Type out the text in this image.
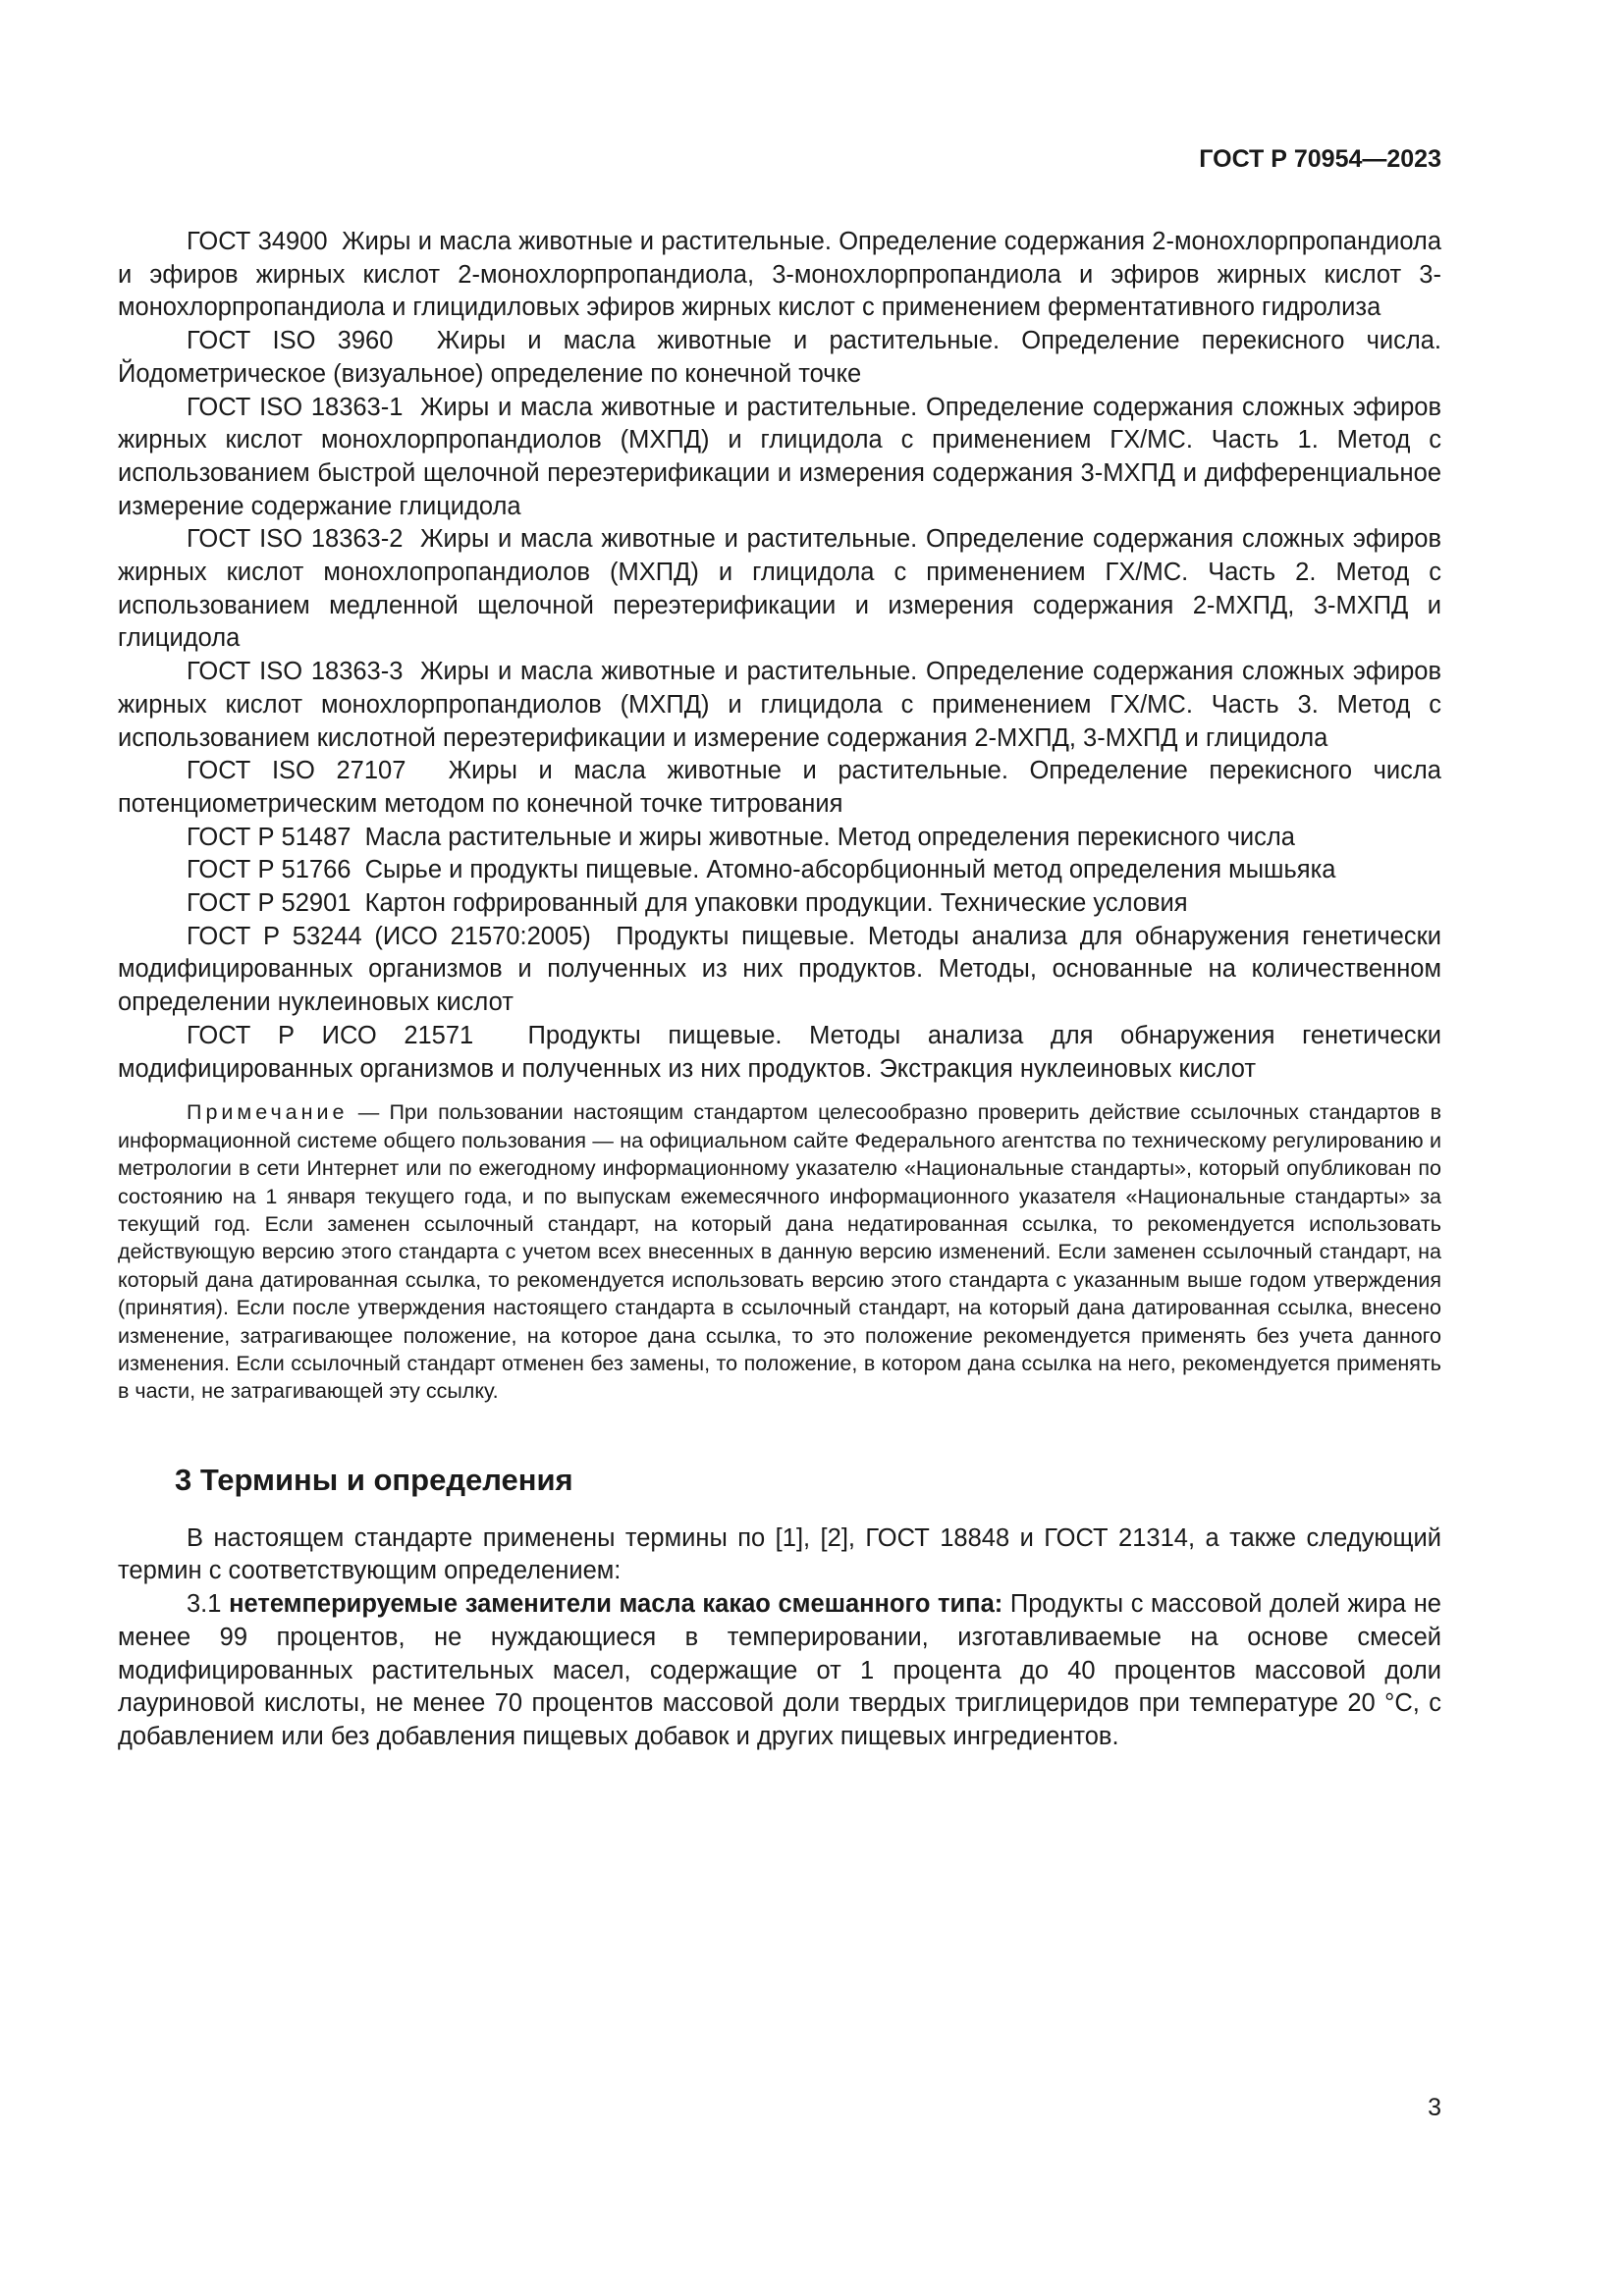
ГОСТ Р 70954—2023

ГОСТ 34900 Жиры и масла животные и растительные. Определение содержания 2-монохлорпропандиола и эфиров жирных кислот 2-монохлорпропандиола, 3-монохлорпропандиола и эфиров жирных кислот 3-монохлорпропандиола и глицидиловых эфиров жирных кислот с применением ферментативного гидролиза

ГОСТ ISO 3960 Жиры и масла животные и растительные. Определение перекисного числа. Йодометрическое (визуальное) определение по конечной точке

ГОСТ ISO 18363-1 Жиры и масла животные и растительные. Определение содержания сложных эфиров жирных кислот монохлорпропандиолов (МХПД) и глицидола с применением ГХ/МС. Часть 1. Метод с использованием быстрой щелочной переэтерификации и измерения содержания 3-МХПД и дифференциальное измерение содержание глицидола

ГОСТ ISO 18363-2 Жиры и масла животные и растительные. Определение содержания сложных эфиров жирных кислот монохлопропандиолов (МХПД) и глицидола с применением ГХ/МС. Часть 2. Метод с использованием медленной щелочной переэтерификации и измерения содержания 2-МХПД, 3-МХПД и глицидола

ГОСТ ISO 18363-3 Жиры и масла животные и растительные. Определение содержания сложных эфиров жирных кислот монохлорпропандиолов (МХПД) и глицидола с применением ГХ/МС. Часть 3. Метод с использованием кислотной переэтерификации и измерение содержания 2-МХПД, 3-МХПД и глицидола

ГОСТ ISO 27107 Жиры и масла животные и растительные. Определение перекисного числа потенциометрическим методом по конечной точке титрования

ГОСТ Р 51487 Масла растительные и жиры животные. Метод определения перекисного числа

ГОСТ Р 51766 Сырье и продукты пищевые. Атомно-абсорбционный метод определения мышьяка

ГОСТ Р 52901 Картон гофрированный для упаковки продукции. Технические условия

ГОСТ Р 53244 (ИСО 21570:2005) Продукты пищевые. Методы анализа для обнаружения генетически модифицированных организмов и полученных из них продуктов. Методы, основанные на количественном определении нуклеиновых кислот

ГОСТ Р ИСО 21571 Продукты пищевые. Методы анализа для обнаружения генетически модифицированных организмов и полученных из них продуктов. Экстракция нуклеиновых кислот

Примечание — При пользовании настоящим стандартом целесообразно проверить действие ссылочных стандартов в информационной системе общего пользования — на официальном сайте Федерального агентства по техническому регулированию и метрологии в сети Интернет или по ежегодному информационному указателю «Национальные стандарты», который опубликован по состоянию на 1 января текущего года, и по выпускам ежемесячного информационного указателя «Национальные стандарты» за текущий год. Если заменен ссылочный стандарт, на который дана недатированная ссылка, то рекомендуется использовать действующую версию этого стандарта с учетом всех внесенных в данную версию изменений. Если заменен ссылочный стандарт, на который дана датированная ссылка, то рекомендуется использовать версию этого стандарта с указанным выше годом утверждения (принятия). Если после утверждения настоящего стандарта в ссылочный стандарт, на который дана датированная ссылка, внесено изменение, затрагивающее положение, на которое дана ссылка, то это положение рекомендуется применять без учета данного изменения. Если ссылочный стандарт отменен без замены, то положение, в котором дана ссылка на него, рекомендуется применять в части, не затрагивающей эту ссылку.

3 Термины и определения

В настоящем стандарте применены термины по [1], [2], ГОСТ 18848 и ГОСТ 21314, а также следующий термин с соответствующим определением:

3.1 нетемперируемые заменители масла какао смешанного типа: Продукты с массовой долей жира не менее 99 процентов, не нуждающиеся в темперировании, изготавливаемые на основе смесей модифицированных растительных масел, содержащие от 1 процента до 40 процентов массовой доли лауриновой кислоты, не менее 70 процентов массовой доли твердых триглицеридов при температуре 20 °С, с добавлением или без добавления пищевых добавок и других пищевых ингредиентов.

3
